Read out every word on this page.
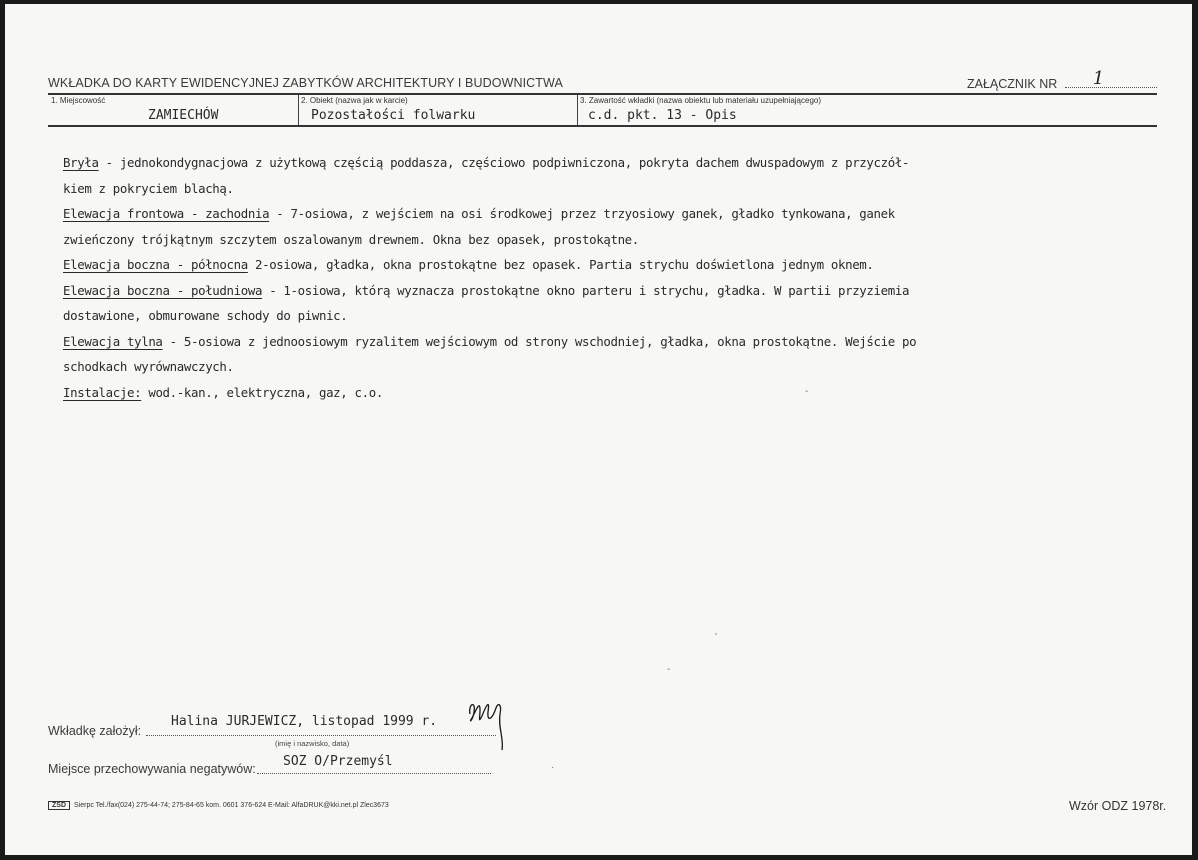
WKŁADKA DO KARTY EWIDENCYJNEJ ZABYTKÓW ARCHITEKTURY I BUDOWNICTWA	ZAŁĄCZNIK NR 1
1. Miejscowość
ZAMIECHÓW
2. Obiekt (nazwa jak w karcie)
Pozostałości folwarku
3. Zawartość wkładki (nazwa obiektu lub materiału uzupełniającego)
c.d. pkt. 13 - Opis

Bryła - jednokondygnacjowa z użytkową częścią poddasza, częściowo podpiwniczona, pokryta dachem dwuspadowym z przyczół-

kiem z pokryciem blachą.

Elewacja frontowa - zachodnia - 7-osiowa, z wejściem na osi środkowej przez trzyosiowy ganek, gładko tynkowana, ganek

zwieńczony trójkątnym szczytem oszalowanym drewnem. Okna bez opasek, prostokątne.

Elewacja boczna - północna 2-osiowa, gładka, okna prostokątne bez opasek. Partia strychu doświetlona jednym oknem.

Elewacja boczna - południowa - 1-osiowa, którą wyznacza prostokątne okno parteru i strychu, gładka. W partii przyziemia

dostawione, obmurowane schody do piwnic.

Elewacja tylna - 5-osiowa z jednoosiowym ryzalitem wejściowym od strony wschodniej, gładka, okna prostokątne. Wejście po

schodkach wyrównawczych.

Instalacje: wod.-kan., elektryczna, gaz, c.o.	-
'
-
Wkładkę założył:
Halina JURJEWICZ, listopad 1999 r.
(imię i nazwisko, data)
Miejsce przechowywania negatywów: SOZ O/Przemyśl	·
ZSD Sierpc Tel./fax(024) 275-44-74; 275-84-65 kom. 0601 376-624 E-Mail: AlfaDRUK@kki.net.pl Zlec3673	Wzór ODZ 1978r.
